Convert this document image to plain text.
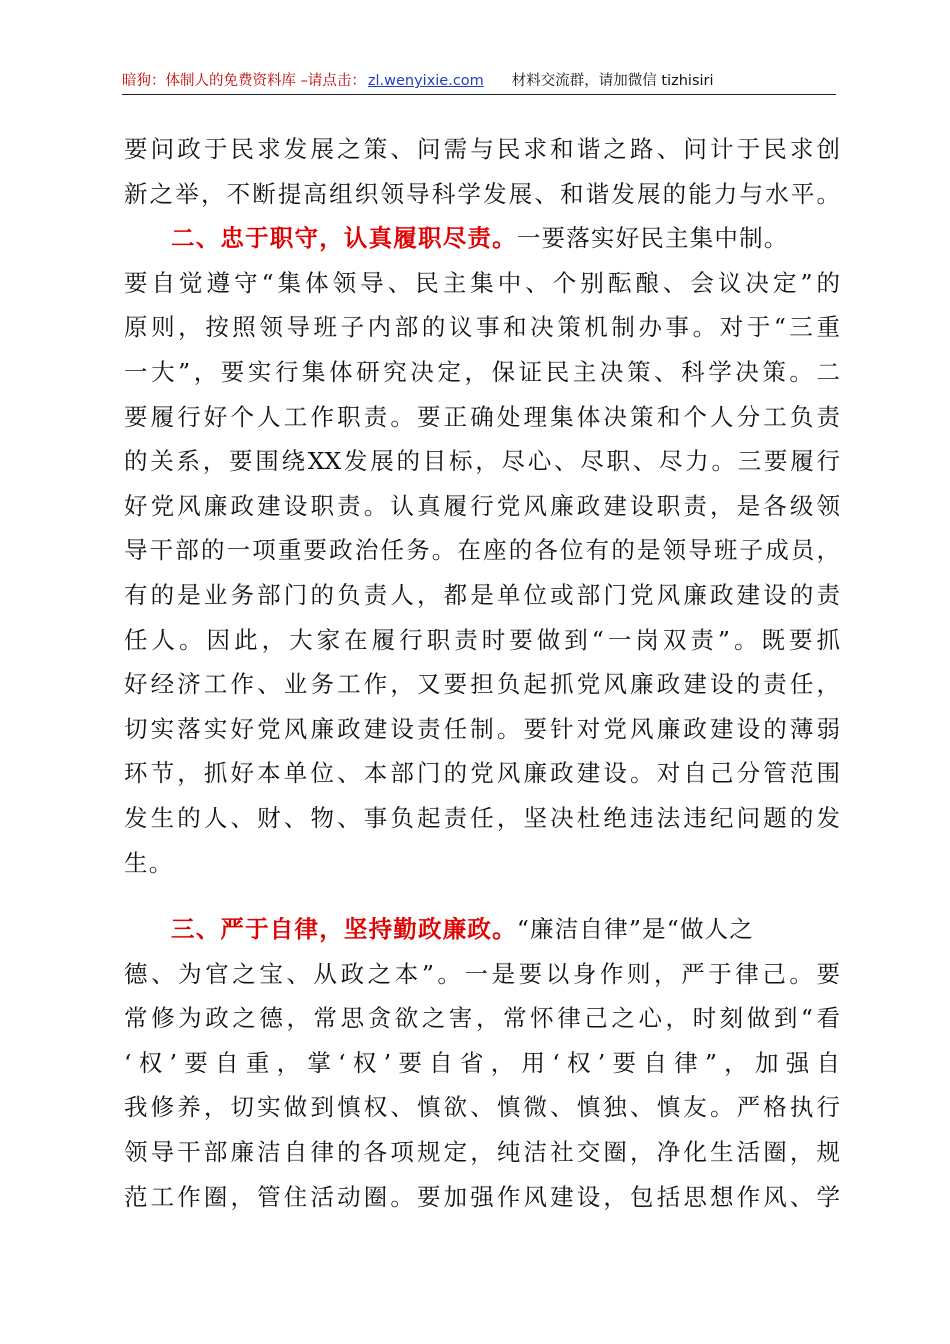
暗狗：体制人的免费资料库 –请点击： zl.wenyixie.com 材料交流群，请加微信 tizhisiri
要问政于民求发展之策、问需与民求和谐之路、问计于民求创
新之举，不断提高组织领导科学发展、和谐发展的能力与水平。
二、忠于职守，认真履职尽责。一要落实好民主集中制。
要自觉遵守“集体领导、民主集中、个别酝酿、会议决定”的
原则，按照领导班子内部的议事和决策机制办事。对于“三重
一大”，要实行集体研究决定，保证民主决策、科学决策。二
要履行好个人工作职责。要正确处理集体决策和个人分工负责
的关系，要围绕XX发展的目标，尽心、尽职、尽力。三要履行
好党风廉政建设职责。认真履行党风廉政建设职责，是各级领
导干部的一项重要政治任务。在座的各位有的是领导班子成员，
有的是业务部门的负责人，都是单位或部门党风廉政建设的责
任人。因此，大家在履行职责时要做到“一岗双责”。既要抓
好经济工作、业务工作，又要担负起抓党风廉政建设的责任，
切实落实好党风廉政建设责任制。要针对党风廉政建设的薄弱
环节，抓好本单位、本部门的党风廉政建设。对自己分管范围
发生的人、财、物、事负起责任，坚决杜绝违法违纪问题的发
生。
三、严于自律，坚持勤政廉政。“廉洁自律”是“做人之
德、为官之宝、从政之本”。一是要以身作则，严于律己。要
常修为政之德，常思贪欲之害，常怀律己之心，时刻做到“看
‘权’要自重，掌‘权’要自省，用‘权’要自律”，加强自
我修养，切实做到慎权、慎欲、慎微、慎独、慎友。严格执行
领导干部廉洁自律的各项规定，纯洁社交圈，净化生活圈，规
范工作圈，管住活动圈。要加强作风建设，包括思想作风、学
